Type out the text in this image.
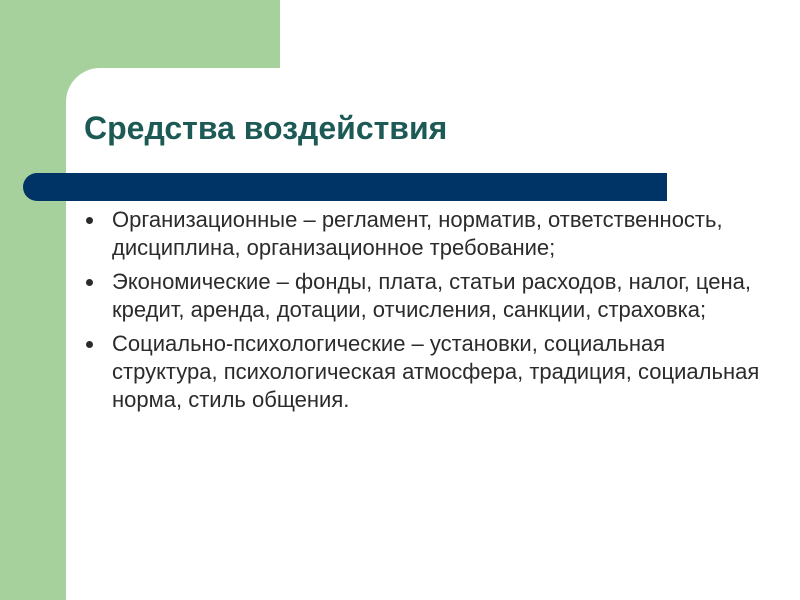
Средства воздействия
Организационные – регламент, норматив, ответственность, дисциплина, организационное требование;
Экономические – фонды, плата, статьи расходов, налог, цена, кредит, аренда, дотации, отчисления, санкции, страховка;
Социально-психологические – установки, социальная структура, психологическая атмосфера, традиция, социальная норма, стиль общения.
